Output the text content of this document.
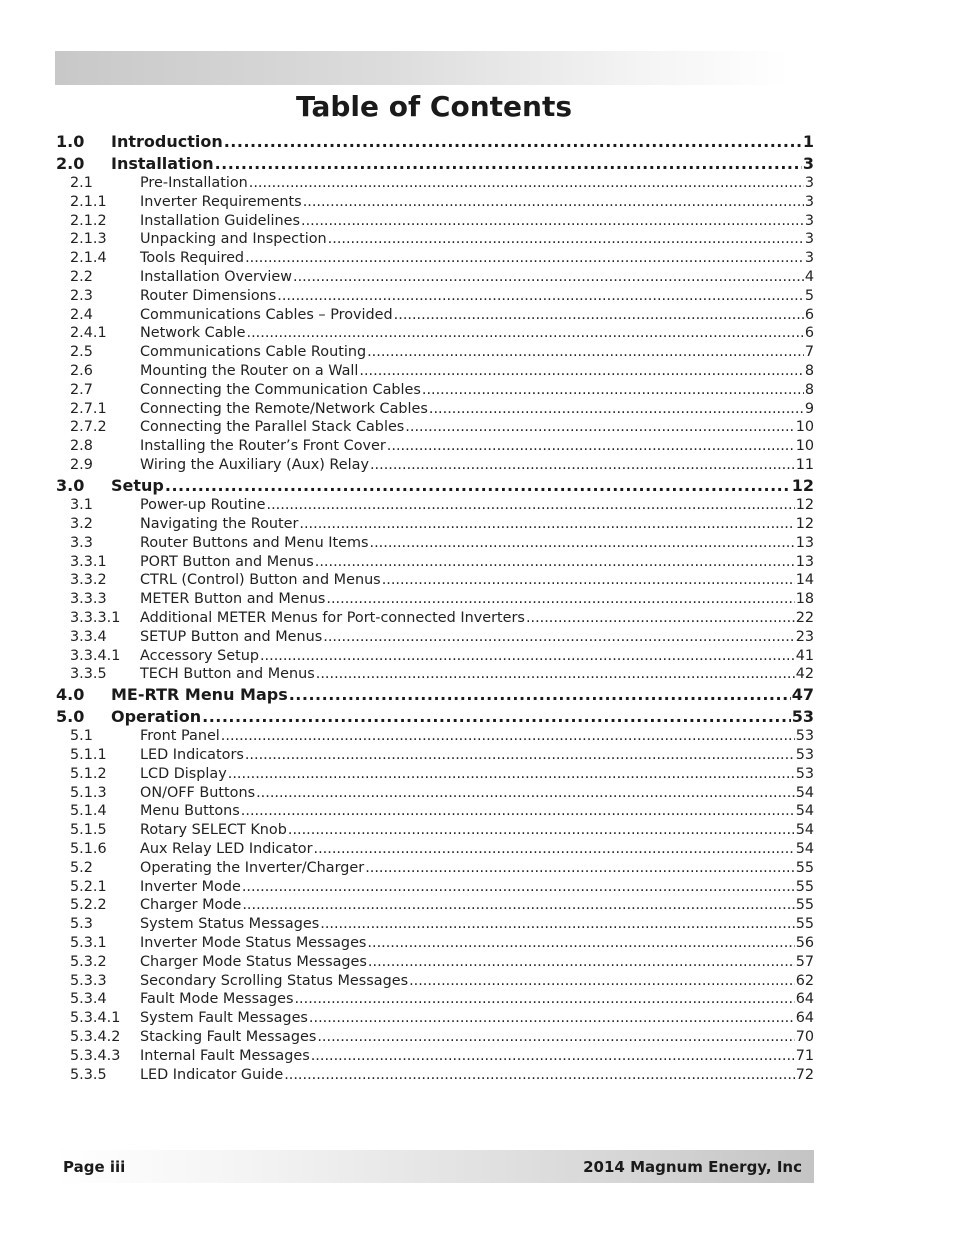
Table of Contents
1.0	Introduction .....	1
2.0	Installation .....	3
2.1	Pre-Installation .....	3
2.1.1	Inverter Requirements .....	3
2.1.2	Installation Guidelines .....	3
2.1.3	Unpacking and Inspection .....	3
2.1.4	Tools Required .....	3
2.2	Installation Overview .....	4
2.3	Router Dimensions .....	5
2.4	Communications Cables – Provided .....	6
2.4.1	Network Cable .....	6
2.5	Communications Cable Routing .....	7
2.6	Mounting the Router on a Wall .....	8
2.7	Connecting the Communication Cables .....	8
2.7.1	Connecting the Remote/Network Cables .....	9
2.7.2	Connecting the Parallel Stack Cables .....	10
2.8	Installing the Router’s Front Cover .....	10
2.9	Wiring the Auxiliary (Aux) Relay .....	11
3.0	Setup .....	12
3.1	Power-up Routine .....	12
3.2	Navigating the Router .....	12
3.3	Router Buttons and Menu Items .....	13
3.3.1	PORT Button and Menus .....	13
3.3.2	CTRL (Control) Button and Menus .....	14
3.3.3	METER Button and Menus .....	18
3.3.3.1	Additional METER Menus for Port-connected Inverters .....	22
3.3.4	SETUP Button and Menus .....	23
3.3.4.1	Accessory Setup .....	41
3.3.5	TECH Button and Menus .....	42
4.0	ME-RTR Menu Maps .....	47
5.0	Operation .....	53
5.1	Front Panel .....	53
5.1.1	LED Indicators .....	53
5.1.2	LCD Display .....	53
5.1.3	ON/OFF Buttons .....	54
5.1.4	Menu Buttons .....	54
5.1.5	Rotary SELECT Knob .....	54
5.1.6	Aux Relay LED Indicator .....	54
5.2	Operating the Inverter/Charger .....	55
5.2.1	Inverter Mode .....	55
5.2.2	Charger Mode .....	55
5.3	System Status Messages .....	55
5.3.1	Inverter Mode Status Messages .....	56
5.3.2	Charger Mode Status Messages .....	57
5.3.3	Secondary Scrolling Status Messages .....	62
5.3.4	Fault Mode Messages .....	64
5.3.4.1	System Fault Messages .....	64
5.3.4.2	Stacking Fault Messages .....	70
5.3.4.3	Internal Fault Messages .....	71
5.3.5	LED Indicator Guide .....	72
Page iii	2014 Magnum Energy, Inc
